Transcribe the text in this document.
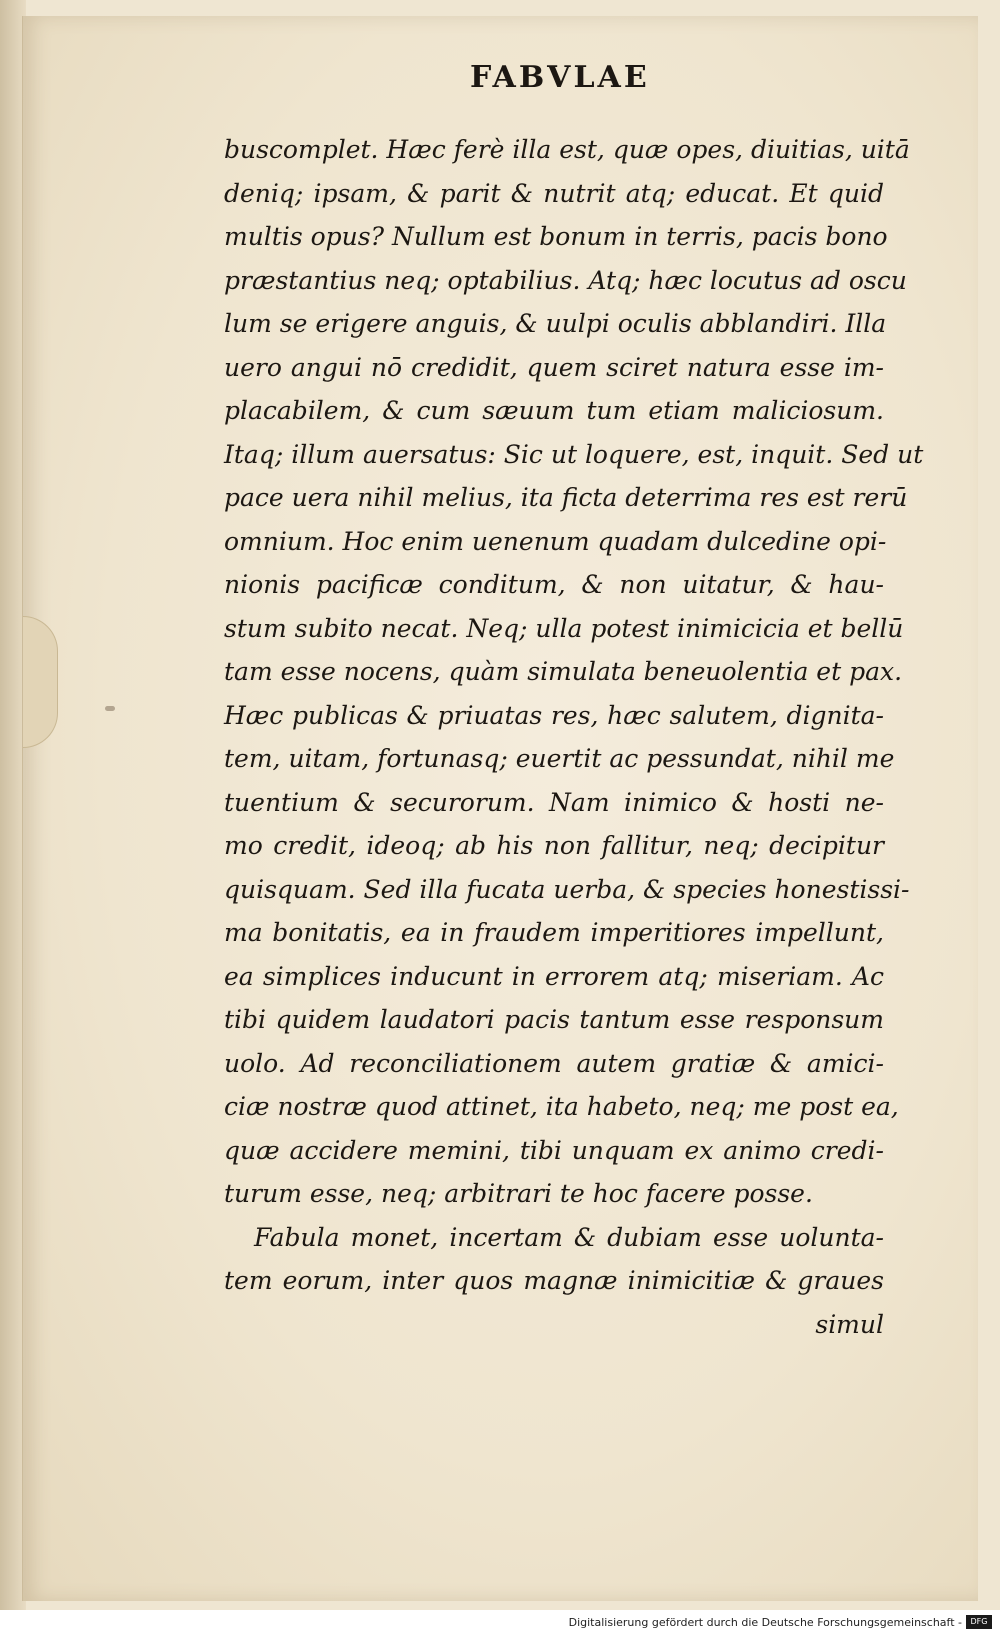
FABVLAE
buscomplet. Hæc ferè illa est, quæ opes, diuitias, uitā
deniq; ipsam, & parit & nutrit atq; educat. Et quid
multis opus? Nullum est bonum in terris, pacis bono
præstantius neq; optabilius. Atq; hæc locutus ad oscu
lum se erigere anguis, & uulpi oculis abblandiri. Illa
uero angui nō credidit, quem sciret natura esse im-
placabilem, & cum sæuum tum etiam maliciosum.
Itaq; illum auersatus: Sic ut loquere, est, inquit. Sed ut
pace uera nihil melius, ita ficta deterrima res est rerū
omnium. Hoc enim uenenum quadam dulcedine opi-
nionis pacificæ conditum, & non uitatur, & hau-
stum subito necat. Neq; ulla potest inimicicia et bellū
tam esse nocens, quàm simulata beneuolentia et pax.
Hæc publicas & priuatas res, hæc salutem, dignita-
tem, uitam, fortunasq; euertit ac pessundat, nihil me
tuentium & securorum. Nam inimico & hosti ne-
mo credit, ideoq; ab his non fallitur, neq; decipitur
quisquam. Sed illa fucata uerba, & species honestissi-
ma bonitatis, ea in fraudem imperitiores impellunt,
ea simplices inducunt in errorem atq; miseriam. Ac
tibi quidem laudatori pacis tantum esse responsum
uolo. Ad reconciliationem autem gratiæ & amici-
ciæ nostræ quod attinet, ita habeto, neq; me post ea,
quæ accidere memini, tibi unquam ex animo credi-
turum esse, neq; arbitrari te hoc facere posse.
Fabula monet, incertam & dubiam esse uolunta-
tem eorum, inter quos magnæ inimicitiæ & graues
simul
Digitalisierung gefördert durch die Deutsche Forschungsgemeinschaft -	DFG
